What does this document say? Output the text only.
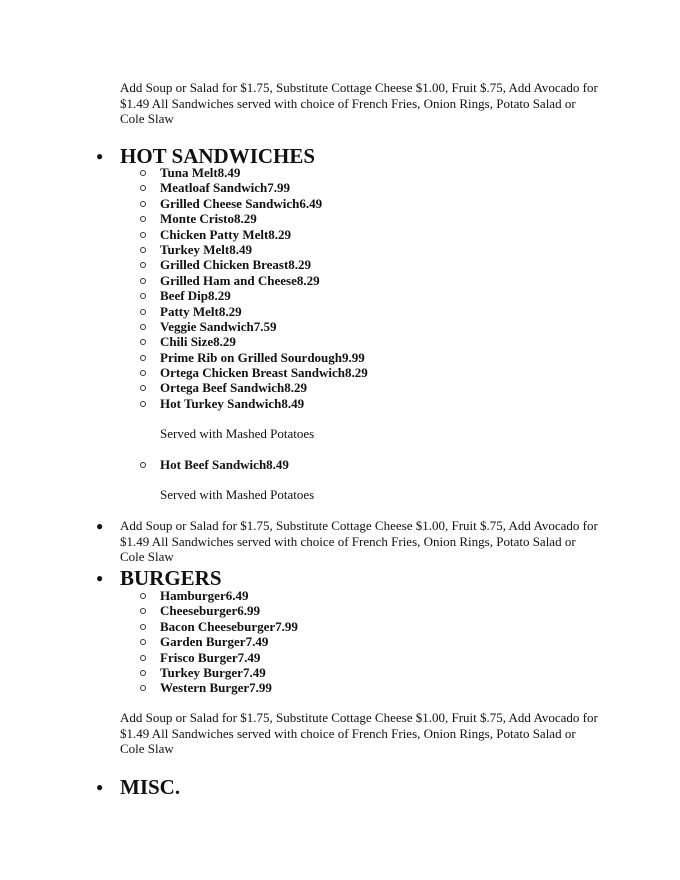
Add Soup or Salad for $1.75, Substitute Cottage Cheese $1.00, Fruit $.75, Add Avocado for $1.49 All Sandwiches served with choice of French Fries, Onion Rings, Potato Salad or Cole Slaw

● HOT SANDWICHES
Tuna Melt8.49
Meatloaf Sandwich7.99
Grilled Cheese Sandwich6.49
Monte Cristo8.29
Chicken Patty Melt8.29
Turkey Melt8.49
Grilled Chicken Breast8.29
Grilled Ham and Cheese8.29
Beef Dip8.29
Patty Melt8.29
Veggie Sandwich7.59
Chili Size8.29
Prime Rib on Grilled Sourdough9.99
Ortega Chicken Breast Sandwich8.29
Ortega Beef Sandwich8.29
Hot Turkey Sandwich8.49
Served with Mashed Potatoes
Hot Beef Sandwich8.49
Served with Mashed Potatoes
● Add Soup or Salad for $1.75, Substitute Cottage Cheese $1.00, Fruit $.75, Add Avocado for $1.49 All Sandwiches served with choice of French Fries, Onion Rings, Potato Salad or Cole Slaw

● BURGERS
Hamburger6.49
Cheeseburger6.99
Bacon Cheeseburger7.99
Garden Burger7.49
Frisco Burger7.49
Turkey Burger7.49
Western Burger7.99

Add Soup or Salad for $1.75, Substitute Cottage Cheese $1.00, Fruit $.75, Add Avocado for $1.49 All Sandwiches served with choice of French Fries, Onion Rings, Potato Salad or Cole Slaw

● MISC.
